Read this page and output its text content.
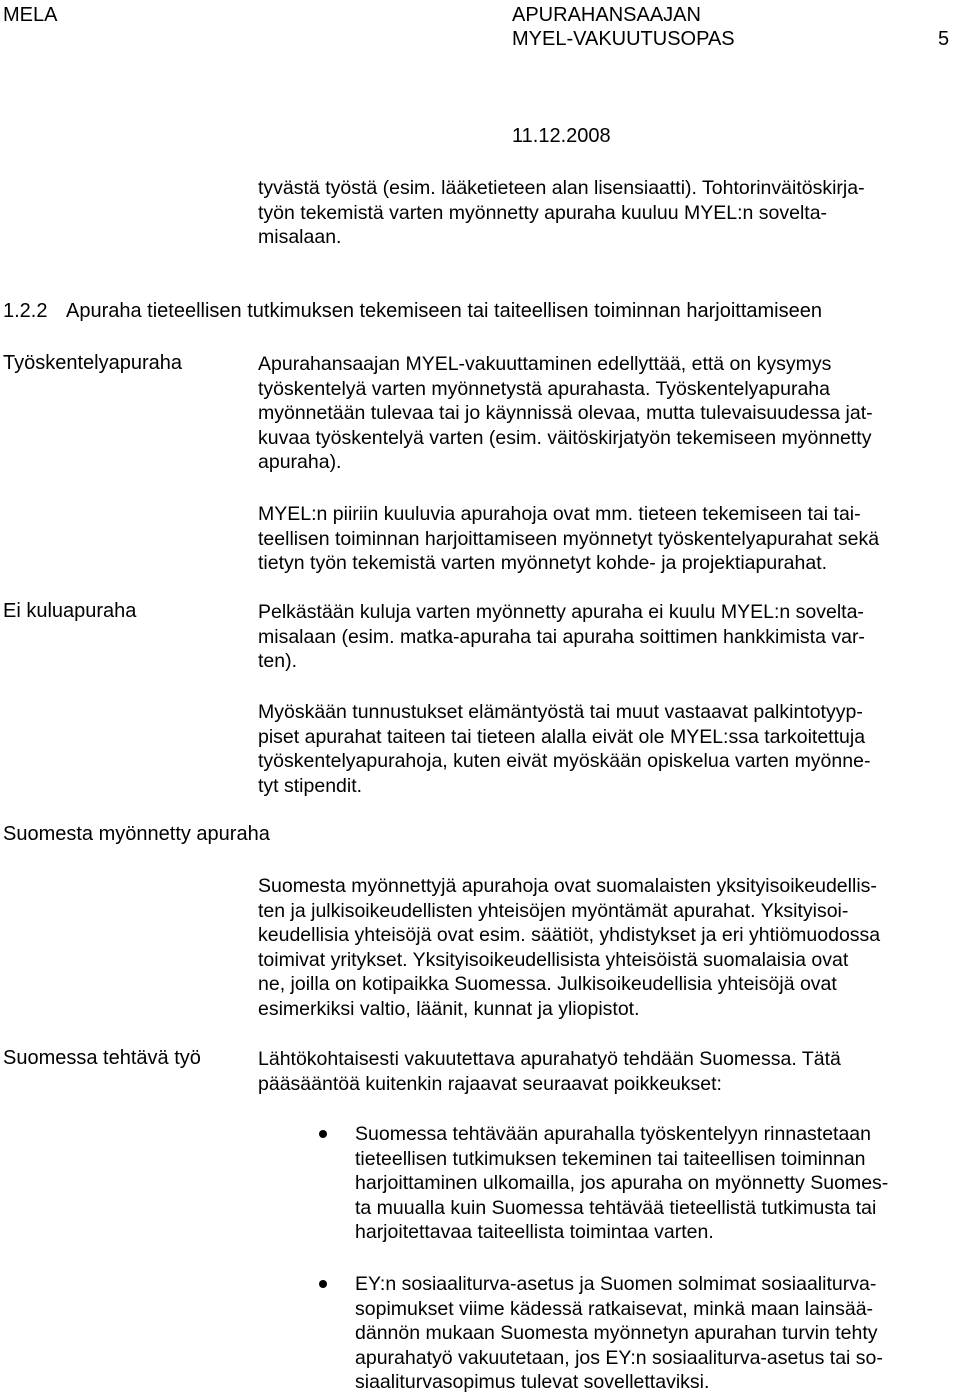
MELA	APURAHANSAAJAN
MYEL-VAKUUTUSOPAS	5
11.12.2008
tyvästä työstä (esim. lääketieteen alan lisensiaatti). Tohtorinväitöskirja-
työn tekemistä varten myönnetty apuraha kuuluu MYEL:n sovelta-
misalaan.
1.2.2 Apuraha tieteellisen tutkimuksen tekemiseen tai taiteellisen toiminnan harjoittamiseen
Työskentelyapuraha	Apurahansaajan MYEL-vakuuttaminen edellyttää, että on kysymys
työskentelyä varten myönnetystä apurahasta. Työskentelyapuraha
myönnetään tulevaa tai jo käynnissä olevaa, mutta tulevaisuudessa jat-
kuvaa työskentelyä varten (esim. väitöskirjatyön tekemiseen myönnetty
apuraha).
MYEL:n piiriin kuuluvia apurahoja ovat mm. tieteen tekemiseen tai tai-
teellisen toiminnan harjoittamiseen myönnetyt työskentelyapurahat sekä
tietyn työn tekemistä varten myönnetyt kohde- ja projektiapurahat.
Ei kuluapuraha	Pelkästään kuluja varten myönnetty apuraha ei kuulu MYEL:n sovelta-
misalaan (esim. matka-apuraha tai apuraha soittimen hankkimista var-
ten).
Myöskään tunnustukset elämäntyöstä tai muut vastaavat palkintotyyp-
piset apurahat taiteen tai tieteen alalla eivät ole MYEL:ssa tarkoitettuja
työskentelyapurahoja, kuten eivät myöskään opiskelua varten myönne-
tyt stipendit.
Suomesta myönnetty apuraha
Suomesta myönnettyjä apurahoja ovat suomalaisten yksityisoikeudellis-
ten ja julkisoikeudellisten yhteisöjen myöntämät apurahat. Yksityisoi-
keudellisia yhteisöjä ovat esim. säätiöt, yhdistykset ja eri yhtiömuodossa
toimivat yritykset. Yksityisoikeudellisista yhteisöistä suomalaisia ovat
ne, joilla on kotipaikka Suomessa. Julkisoikeudellisia yhteisöjä ovat
esimerkiksi valtio, läänit, kunnat ja yliopistot.
Suomessa tehtävä työ	Lähtökohtaisesti vakuutettava apurahatyö tehdään Suomessa. Tätä
pääsääntöä kuitenkin rajaavat seuraavat poikkeukset:
Suomessa tehtävään apurahalla työskentelyyn rinnastetaan
tieteellisen tutkimuksen tekeminen tai taiteellisen toiminnan
harjoittaminen ulkomailla, jos apuraha on myönnetty Suomes-
ta muualla kuin Suomessa tehtävää tieteellistä tutkimusta tai
harjoitettavaa taiteellista toimintaa varten.
EY:n sosiaaliturva-asetus ja Suomen solmimat sosiaaliturva-
sopimukset viime kädessä ratkaisevat, minkä maan lainsää-
dännön mukaan Suomesta myönnetyn apurahan turvin tehty
apurahatyö vakuutetaan, jos EY:n sosiaaliturva-asetus tai so-
siaaliturvasopimus tulevat sovellettaviksi.
